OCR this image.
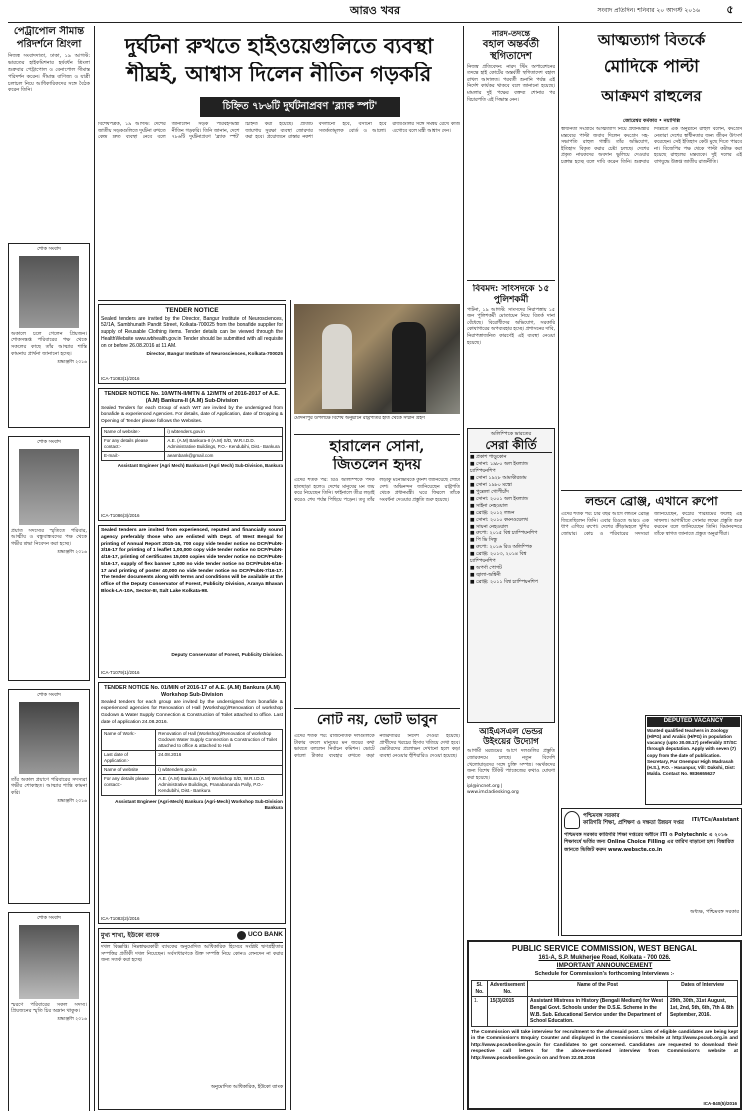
আরও খবর	সংবাদ প্রতিদিন। শনিবার ২০ আগস্ট ২০১৬	৫
পেট্রাপোল সীমান্ত পরিদর্শনে শ্রিংলা
নিজস্ব সংবাদদাতা, ঢাকা, ১৯ আগস্ট: ভারতের হাইকমিশনার হর্ষবর্ধন শ্রিংলা শুক্রবার পেট্রাপোল ও বেনাপোল সীমান্ত পরিদর্শন করেন। সীমান্ত বাণিজ্য ও যাত্রী চলাচল নিয়ে আধিকারিকদের সঙ্গে বৈঠক করেন তিনি।
শোক সংবাদ
অকালে চলে গেলেন প্রিয়জন। শোকসন্তপ্ত পরিবারের পক্ষ থেকে সকলের কাছে তাঁর আত্মার শান্তি কামনায় প্রার্থনা জানানো হচ্ছে।
শ্রদ্ধাঞ্জলি ২০১৬
শোক সংবাদ
প্রয়াত সদস্যের স্মৃতিতে পরিবার, আত্মীয় ও বন্ধুবান্ধবদের পক্ষ থেকে গভীর শ্রদ্ধা নিবেদন করা হচ্ছে।
শ্রদ্ধাঞ্জলি ২০১৬
শোক সংবাদ
তাঁর অকাল প্রয়াণে পরিবারের সদস্যরা গভীর শোকাহত। আত্মার শান্তি কামনা করি।
শ্রদ্ধাঞ্জলি ২০১৬
শোক সংবাদ
স্মরণে পরিবারের সকল সদস্য। প্রিয়জনের স্মৃতি চির অম্লান থাকুক।
শ্রদ্ধাঞ্জলি ২০১৬
দুর্ঘটনা রুখতে হাইওয়েগুলিতে ব্যবস্থা
শীঘ্রই, আশ্বাস দিলেন নীতিন গড়করি
চিহ্নিত ৭৮৬টি দুর্ঘটনাপ্রবণ 'ব্ল্যাক স্পট'
বিশেষপত্রক, ১৯ আগস্ট: দেশের জাতীয় সড়কগুলিতে দুর্ঘটনা রুখতে কেন্দ্র দ্রুত ব্যবস্থা নেবে বলে জানালেন সড়ক পরিবহণমন্ত্রী নীতিন গড়করি। তিনি জানান, দেশে ৭৮৬টি দুর্ঘটনাপ্রবণ 'ব্ল্যাক স্পট' চিহ্নিত করা হয়েছে। প্রতিটি জায়গায় সুরক্ষা ব্যবস্থা জোরদার করা হবে। প্রয়োজনে রাস্তার নকশা বদলানো হবে, বসানো হবে সতর্কতামূলক বোর্ড ও আলো। রাজ্যগুলির সঙ্গে সমন্বয় রেখে কাজ এগোবে বলে মন্ত্রী আশ্বাস দেন।
TENDER NOTICE
Sealed tenders are invited by the Director, Bangur Institute of Neurosciences, 52/1A, Sambhunath Pandit Street, Kolkata-700025 from the bonafide supplier for supply of Reusable Clothing items. Tender details can be viewed through the HealthWebsite www.wbhealth.gov.in Tender should be submitted with all requisite on or before 26.08.2016 at 11 AM.
Director, Bangur Institute of Neurosciences, Kolkata-700025
ICA-T1083(1)/2016
TENDER NOTICE No. 10/WTN-II/MTN & 12/MTN of 2016-2017 of A.E.(A.M) Bankura-II (A.M) Sub-Division
Sealed Tenders for each Group of each WIT are invited by the undersigned from bonafide & experienced Agencies. For details, date of Application, date of Dropping & Opening of Tender please follows the Websites.
Name of website:-	i) wbtenders.gov.in
For any details please contact:-	A.E. (A.M) Bankura-II (A.M) S/D, W.R.I.D.D. Administrative Buildings, P.O.- Kendubihi, Dist.- Bankura
E-mail:-	aeambank@gmail.com
Assistant Engineer (Agri Mech) Bankura-II (Agri Mech) Sub-Division, Bankura
ICA-T1086(3)/2016
Sealed tenders are invited from experienced, reputed and financially sound agency preferably those who are enlisted with Dept. of West Bengal for printing of Annual Report 2015-16, 700 copy vide tender notice no DCF/PubN-3/16-17 for printing of 1 leaflet 1,00,000 copy vide tender notice no DCF/PubN-4/16-17, printing of certificates 15,000 copies vide tender notice no DCF/PubN-5/16-17, supply of flex banner 1,000 no vide tender notice no DCF/PubN-6/16-17 and printing of poster 40,000 no vide tender notice no DCF/PubN-7/16-17. The tender documents along with terms and conditions will be available at the office of the Deputy Conservator of Forest, Publicity Division, Aranya Bhavan Block-LA-10A, Sector-III, Salt Lake Kolkata-98.
Deputy Conservator of Forest, Publicity Division.
ICA-T1079(1)/2016
TENDER NOTICE No. 01/MIN of 2016-17 of A.E. (A.M) Bankura (A.M) Workshop Sub-Division
Sealed tenders for each group are invited by the undersigned from bonafide & experienced agencies for Renovation of Hall (Workshop)/Renovation of workshop Godown & Water Supply Connection & Construction of Toilet attached to office. Last date of application 24.08.2016.
Name of Work:-	Renovation of Hall (Workshop)/Renovation of workshop Godown Water Supply Connection & Construction of Toilet attached to office & attached to Hall
Last date of Application:-	24.08.2016
Name of website	i) wbtenders.gov.in
For any details please contact:-	A.E. (A.M) Bankura (A.M) Workshop S/D, W.R.I.D.D. Administrative Buildings, Pranabananda Pally, P.O.- Kendubihi, Dist.- Bankura
Assistant Engineer (Agri-Mech) Bankura (Agri-Mech) Workshop Sub-Division Bankura
ICA-T1083(2)/2016
মুখ্য শাখা, ইউকো ব্যাংক	UCO BANK
দখল বিজ্ঞপ্তি। নিম্নস্বাক্ষরকারী ব্যাংকের অনুমোদিত আধিকারিক হিসেবে সংশ্লিষ্ট ঋণগ্রহীতার সম্পত্তির প্রতীকী দখল নিয়েছেন। সর্বসাধারণকে উক্ত সম্পত্তি নিয়ে কোনও লেনদেন না করার জন্য সতর্ক করা হচ্ছে।
অনুমোদিত আধিকারিক, ইউকো ব্যাংক
মেদিনীপুর উপলক্ষে বিশেষ অনুষ্ঠানে রাষ্ট্রপতির হাত থেকে সম্মান গ্রহণ
হারালেন সোনা,
জিতলেন হৃদয়
এদের শতক পর: রিও অলিম্পিকে পদক হাতছাড়া হলেও দেশের মানুষের মন জয় করে নিয়েছেন তিনি। ফাইনালে তীব্র লড়াই করেও শেষ পর্যন্ত পিছিয়ে পড়েন। তবু তাঁর লড়াকু মনোভাবকে কুর্নিশ জানিয়েছে গোটা দেশ। অভিনন্দন জানিয়েছেন রাষ্ট্রপতি থেকে প্রধানমন্ত্রী। ঘরে ফিরলে তাঁকে সংবর্ধনা দেওয়ার প্রস্তুতি শুরু হয়েছে।
নোট নয়, ভোট ভাবুন
এদের শতক পর: রাজনৈতিক দলগুলিকে টাকার বদলে মানুষের মন জয়ের কথা ভাবতে বললেন নির্বাচন কমিশন। ভোটে কালো টাকার ব্যবহার রুখতে কড়া নজরদারির নির্দেশ দেওয়া হয়েছে। প্রার্থীদের খরচের হিসাব খতিয়ে দেখা হবে। ভোটারদের প্রলোভন দেখানো হলে কড়া ব্যবস্থা নেওয়ার হুঁশিয়ারিও দেওয়া হয়েছে।
নারদ-তদন্তে
বহাল অন্তর্বর্তী
স্থগিতাদেশ
নিজস্ব প্রতিবেদন: নারদ স্টিং অপারেশনের তদন্তে হাই কোর্টের অন্তর্বর্তী স্থগিতাদেশ বহাল রাখল আদালত। পরবর্তী শুনানি পর্যন্ত এই নির্দেশ কার্যকর থাকবে বলে জানানো হয়েছে। মামলার দুই পক্ষের বক্তব্য শোনার পর বিচারপতি এই সিদ্ধান্ত নেন।
বিবমদ: সাংসদকে ১৫ পুলিশকর্মী
পাটনা, ১৯ আগস্ট: সাংসদের নিরাপত্তায় ১৫ জন পুলিশকর্মী মোতায়েন নিয়ে বিতর্ক দানা বেঁধেছে। বিরোধীদের অভিযোগ, সরকারি কোষাগারের অপব্যবহার হচ্ছে। প্রশাসনের দাবি, নিরাপত্তাজনিত কারণেই এই ব্যবস্থা নেওয়া হয়েছে।
অলিম্পিকে ভারতের
সেরা কীর্তি
■ প্রকাশ পাড়ুকোন
■ সোনা: ১৯৮০ অল ইংল্যান্ড চ্যাম্পিয়নশিপ
■ সোনা ১৯২৮ আমস্টারডাম
■ সোনা ১৯৮০ মস্কো
■ পুল্লেলা গোপীচাঁদ
■ সোনা: ২০০১ অল ইংল্যান্ড
■ সাইনা নেহওয়াল
■ ব্রোঞ্জ: ২০১২ লন্ডন
■ সোনা: ২০১০ কমনওয়েলথ
■ সায়না নেহওয়াল
■ রুপো: ২০১৫ বিশ্ব চ্যাম্পিয়নশিপ
■ পি ভি সিন্ধু
■ রুপো: ২০১৬ রিও অলিম্পিক
■ ব্রোঞ্জ: ২০১৩, ২০১৪ বিশ্ব চ্যাম্পিয়নশিপ
■ অপর্ণা পোপট
■ জ্বালা-অশ্বিনী
■ ব্রোঞ্জ: ২০১১ বিশ্ব চ্যাম্পিয়নশিপ
আইএসএল ভেন্ডর
উইংয়ের উদ্যোগ
আগামী মরশুমের আগে দলগুলির প্রস্তুতি জোরকদমে চলছে। নতুন বিদেশি খেলোয়াড়দের সঙ্গে চুক্তি সম্পন্ন। সমর্থকদের জন্য বিশেষ টিকিট প্যাকেজের কথাও ঘোষণা করা হয়েছে।
ipl@incnet.org | www.imcladiesking.org
আত্মত্যাগ বিতর্কে
মোদিকে পাল্টা
আক্রমণ রাহুলের
জোরেশ্বর কর্মকার • নয়াদিল্লি
স্বাধীনতা সংগ্রামে আত্মত্যাগ নিয়ে প্রধানমন্ত্রীর মন্তব্যের পাল্টা জবাব দিলেন কংগ্রেস সহ-সভাপতি রাহুল গান্ধী। তাঁর অভিযোগ, ইতিহাস বিকৃত করার চেষ্টা চলছে। দেশের প্রকৃত নায়কদের অবদান ভুলিয়ে দেওয়ার চক্রান্ত হচ্ছে বলে দাবি করেন তিনি। শুক্রবার দিল্লিতে এক অনুষ্ঠানে রাহুল বলেন, কংগ্রেস নেতারা দেশের স্বাধীনতার জন্য জীবন উৎসর্গ করেছেন। সেই ইতিহাস কেউ মুছে দিতে পারবে না। বিজেপির পক্ষ থেকে পাল্টা কটাক্ষ করা হয়েছে রাহুলের মন্তব্যকে। দুই দলের এই বাগযুদ্ধে উত্তপ্ত জাতীয় রাজনীতি।
লন্ডনে ব্রোঞ্জ, এখানে রুপো
এদের শতক পর: চার বছর আগে লন্ডনে ব্রোঞ্জ জিতেছিলেন তিনি। এবার রিওতে আরও এক ধাপ এগিয়ে রুপো। দেশের ক্রীড়ামহলে খুশির জোয়ার। কোচ ও পরিবারের সদস্যরা জানিয়েছেন, কঠোর পরিশ্রমের ফলেই এই সাফল্য। আগামীতে সোনার লক্ষ্যে প্রস্তুতি শুরু করবেন বলে জানিয়েছেন তিনি। বিমানবন্দরে তাঁকে স্বাগত জানাতে প্রস্তুত অনুরাগীরা।
DEPUTED VACANCY
Wanted qualified teachers in Zoology (H/PG) and Arabic (H/PG) in population vacancy (upto 30.08.17) preferably ST/SC through deputation. Apply with seven (7) copy from the date of publication. Secretary, Par Onempur High Madrasah (H.S.), P.O. - Hasanpur, Vill: Dakshi, Dist: Malda. Contact No. 9836655627
পশ্চিমবঙ্গ সরকার
কারিগরি শিক্ষা, প্রশিক্ষণ ও দক্ষতা উন্নয়ন দপ্তর
ITI/TCs/Assistant
পশ্চিমবঙ্গ সরকার কারিগরি শিক্ষা দপ্তরের অধীনে ITI ও Polytechnic এ ২০১৬ শিক্ষাবর্ষে ভর্তির জন্য Online Choice Filling এর তারিখ বাড়ানো হল। বিস্তারিত জানতে ভিজিট করুন www.webscte.co.in
অধ্যক্ষ, পশ্চিমবঙ্গ সরকার
PUBLIC SERVICE COMMISSION, WEST BENGAL
161-A, S.P. Mukherjee Road, Kolkata - 700 026.
IMPORTANT ANNOUNCEMENT
Schedule for Commission's forthcoming Interviews :-
Sl. No.	Advertisement No.	Name of the Post	Dates of Interview
1.	15(3)/2015	Assistant Mistress in History (Bengali Medium) for West Bengal Govt. Schools under the D.S.E. Scheme in the W.B. Sub. Educational Service under the Department of School Education.	29th, 30th, 31st August, 1st, 2nd, 5th, 6th, 7th & 8th September, 2016.
The Commission will take interview for recruitment to the aforesaid post. Lists of eligible candidates are being kept in the Commission's Enquiry Counter and displayed in the Commission's Website at http://www.pscwb.org.in and http://www.pscwbonline.gov.in for Candidates to get concerned. Candidates are requested to download their respective call letters for the above-mentioned interview from Commission's website at http://www.pscwbonline.gov.in on and from 22.08.2016
ICA-840(5)/2016
